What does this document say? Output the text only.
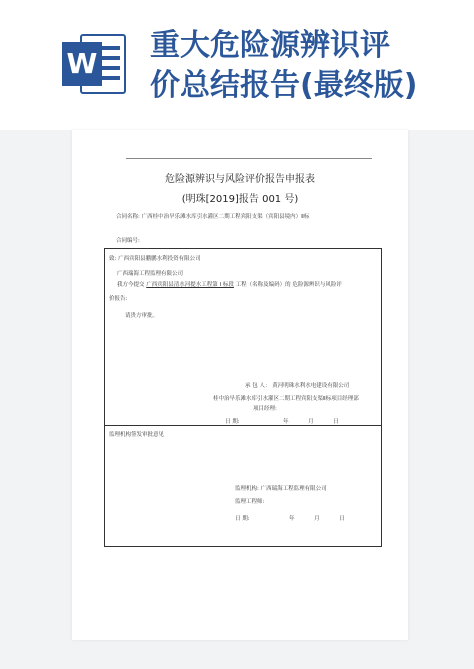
W
重大危险源辨识评
价总结报告(最终版)
危险源辨识与风险评价报告申报表
(明珠[2019]报告 001 号)
合同名称: 广西桂中治旱乐滩水库引水灌区二期工程宾阳支渠（宾阳县境内）Ⅱ标
合同编号:
致: 广西宾阳县鹏鹏水利投资有限公司
广西瑞海工程监理有限公司
我方今提交 广西宾阳县清水河提水工程第 Ⅰ 标段 工程（名称及编码）的 危险源辨识与风险评
价报告:
请贵方审批。
承 包 人： 黄河明珠水利水电建设有限公司
桂中治旱乐滩水库引水灌区二期工程宾阳支渠Ⅱ标项目经理部
项目经理:
日 期:	年	月	日
监理机构签发审批意见
监理机构: 广西瑞海工程监理有限公司
监理工程师:
日 期:	年	月	日
